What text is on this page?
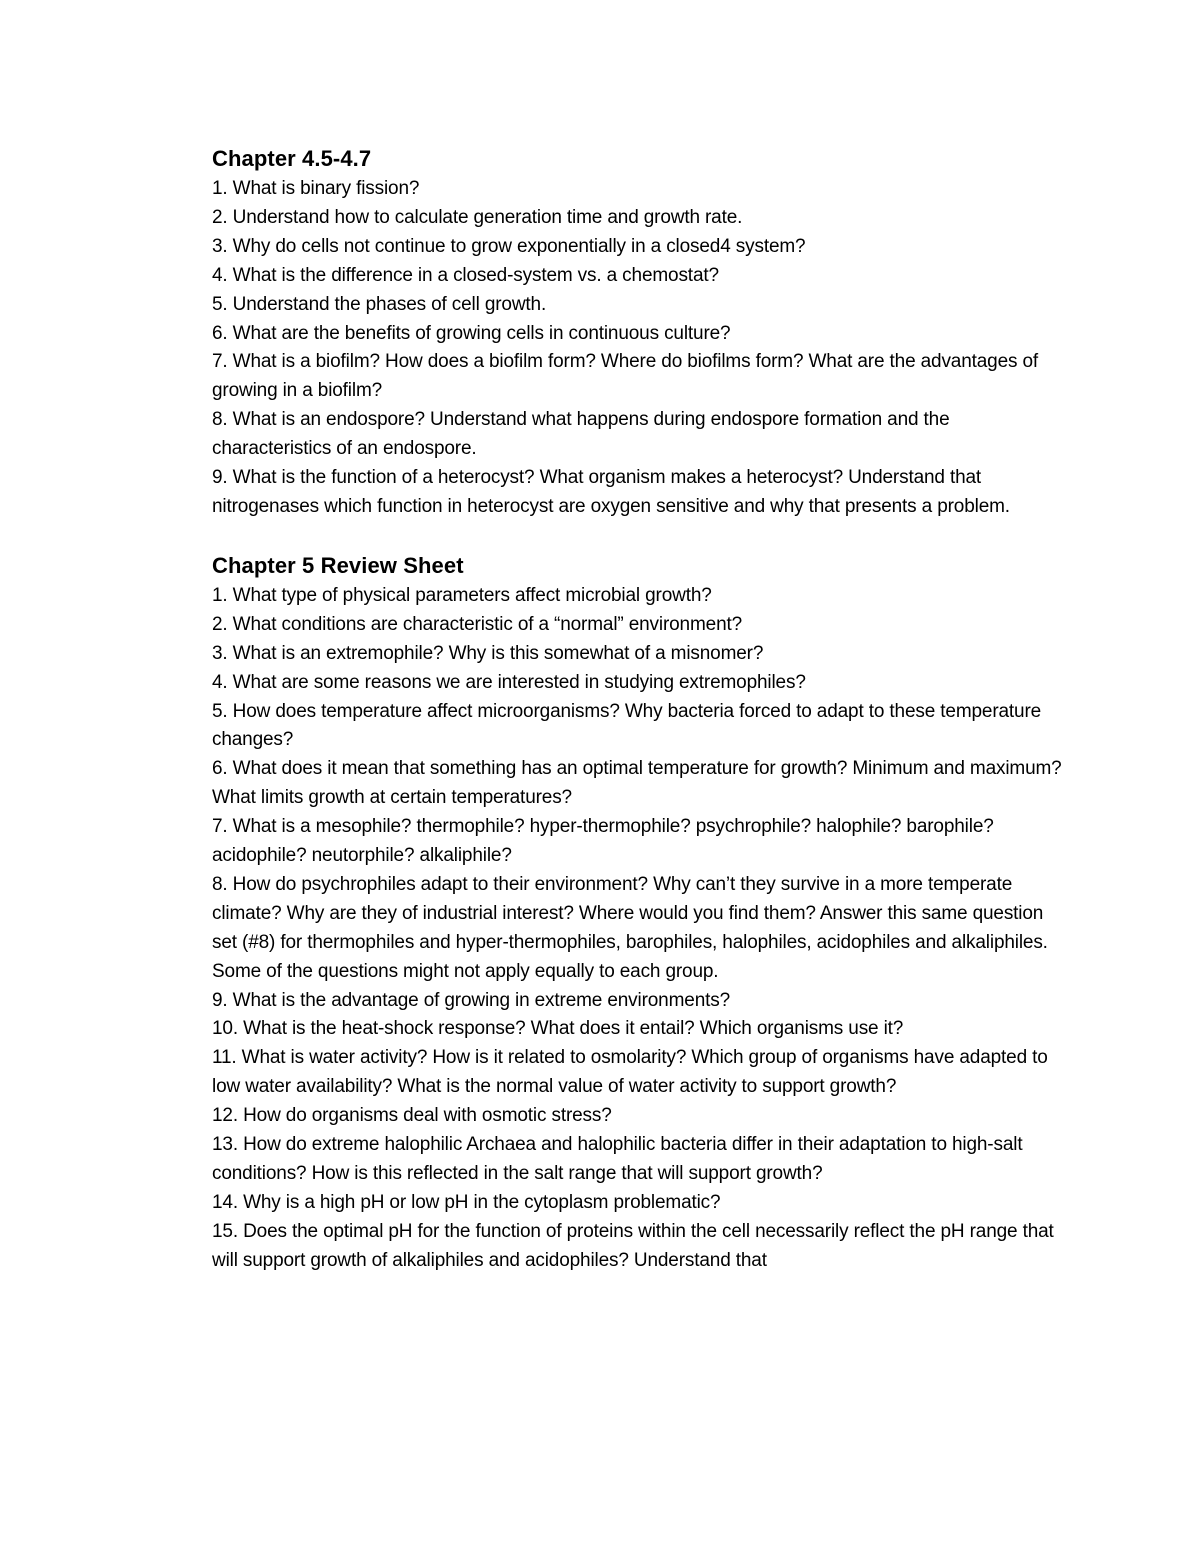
Chapter 4.5-4.7
1. What is binary fission?
2. Understand how to calculate generation time and growth rate.
3. Why do cells not continue to grow exponentially in a closed4 system?
4. What is the difference in a closed-system vs. a chemostat?
5. Understand the phases of cell growth.
6. What are the benefits of growing cells in continuous culture?
7. What is a biofilm? How does a biofilm form? Where do biofilms form? What are the advantages of growing in a biofilm?
8. What is an endospore? Understand what happens during endospore formation and the characteristics of an endospore.
9. What is the function of a heterocyst? What organism makes a heterocyst? Understand that nitrogenases which function in heterocyst are oxygen sensitive and why that presents a problem.
Chapter 5 Review Sheet
1. What type of physical parameters affect microbial growth?
2. What conditions are characteristic of a “normal” environment?
3. What is an extremophile? Why is this somewhat of a misnomer?
4. What are some reasons we are interested in studying extremophiles?
5. How does temperature affect microorganisms? Why bacteria forced to adapt to these temperature changes?
6. What does it mean that something has an optimal temperature for growth? Minimum and maximum? What limits growth at certain temperatures?
7. What is a mesophile? thermophile? hyper-thermophile? psychrophile? halophile? barophile? acidophile? neutorphile? alkaliphile?
8. How do psychrophiles adapt to their environment? Why can’t they survive in a more temperate climate? Why are they of industrial interest? Where would you find them? Answer this same question set (#8) for thermophiles and hyper-thermophiles, barophiles, halophiles, acidophiles and alkaliphiles. Some of the questions might not apply equally to each group.
9. What is the advantage of growing in extreme environments?
10. What is the heat-shock response? What does it entail? Which organisms use it?
11. What is water activity? How is it related to osmolarity? Which group of organisms have adapted to low water availability? What is the normal value of water activity to support growth?
12. How do organisms deal with osmotic stress?
13. How do extreme halophilic Archaea and halophilic bacteria differ in their adaptation to high-salt conditions? How is this reflected in the salt range that will support growth?
14. Why is a high pH or low pH in the cytoplasm problematic?
15. Does the optimal pH for the function of proteins within the cell necessarily reflect the pH range that will support growth of alkaliphiles and acidophiles? Understand that
